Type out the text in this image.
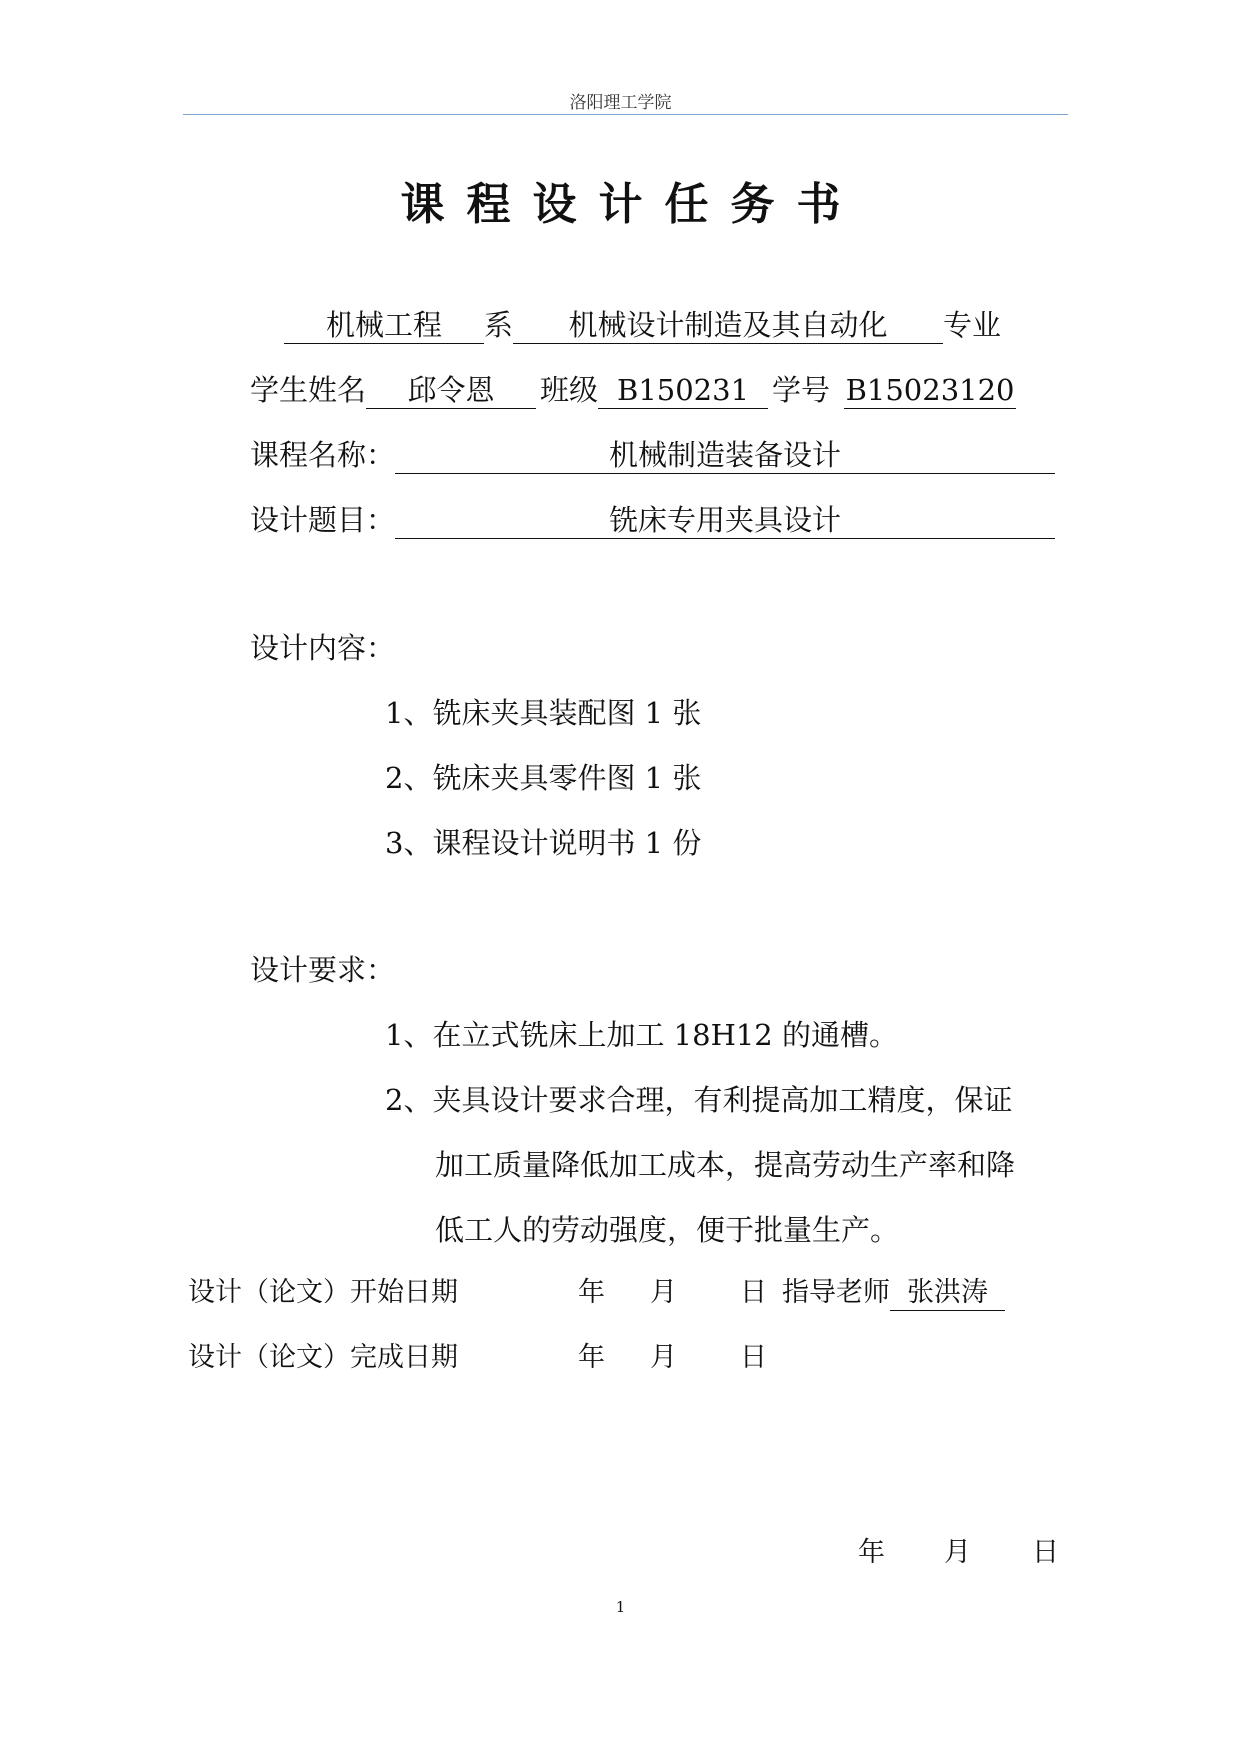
洛阳理工学院
课程设计任务书
机械工程 系 机械设计制造及其自动化 专业
学生姓名 邱令恩 班级 B150231 学号 B15023120
课程名称：	机械制造装备设计
设计题目：	铣床专用夹具设计
设计内容：
1、铣床夹具装配图 1 张
2、铣床夹具零件图 1 张
3、课程设计说明书 1 份
设计要求：
1、在立式铣床上加工 18H12 的通槽。
2、夹具设计要求合理，有利提高加工精度，保证
加工质量降低加工成本，提高劳动生产率和降
低工人的劳动强度，便于批量生产。
设计（论文）开始日期	年 月 日 指导老师 张洪涛
设计（论文）完成日期	年 月 日
年 月 日
1
